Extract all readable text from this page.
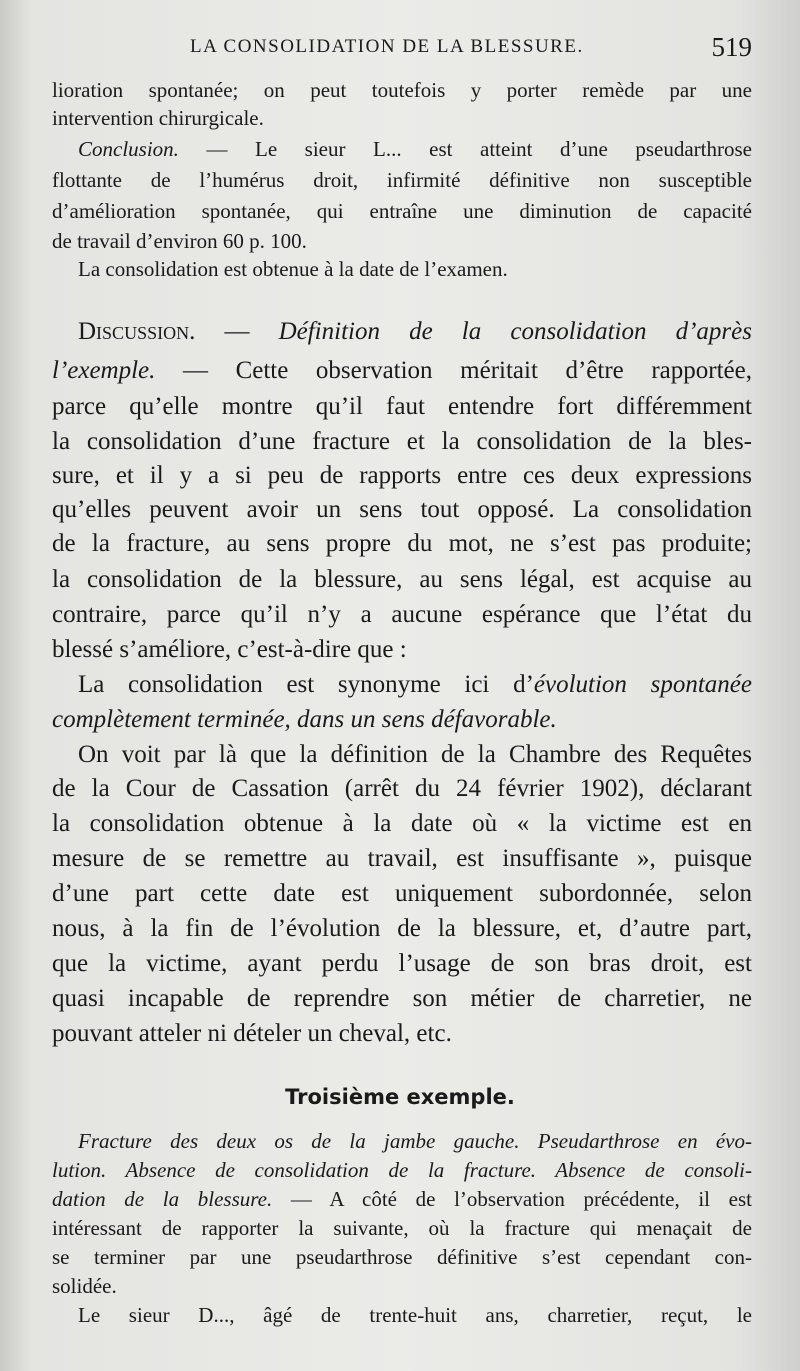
LA CONSOLIDATION DE LA BLESSURE.	519
lioration spontanée; on peut toutefois y porter remède par une
intervention chirurgicale.
Conclusion. — Le sieur L... est atteint d’une pseudarthrose
flottante de l’humérus droit, infirmité définitive non susceptible
d’amélioration spontanée, qui entraîne une diminution de capacité
de travail d’environ 60 p. 100.
La consolidation est obtenue à la date de l’examen.
Discussion. — Définition de la consolidation d’après
l’exemple. — Cette observation méritait d’être rapportée,
parce qu’elle montre qu’il faut entendre fort différemment
la consolidation d’une fracture et la consolidation de la bles-
sure, et il y a si peu de rapports entre ces deux expressions
qu’elles peuvent avoir un sens tout opposé. La consolidation
de la fracture, au sens propre du mot, ne s’est pas produite;
la consolidation de la blessure, au sens légal, est acquise au
contraire, parce qu’il n’y a aucune espérance que l’état du
blessé s’améliore, c’est-à-dire que :
La consolidation est synonyme ici d’évolution spontanée
complètement terminée, dans un sens défavorable.
On voit par là que la définition de la Chambre des Requêtes
de la Cour de Cassation (arrêt du 24 février 1902), déclarant
la consolidation obtenue à la date où « la victime est en
mesure de se remettre au travail, est insuffisante », puisque
d’une part cette date est uniquement subordonnée, selon
nous, à la fin de l’évolution de la blessure, et, d’autre part,
que la victime, ayant perdu l’usage de son bras droit, est
quasi incapable de reprendre son métier de charretier, ne
pouvant atteler ni dételer un cheval, etc.
Troisième exemple.
Fracture des deux os de la jambe gauche. Pseudarthrose en évo-
lution. Absence de consolidation de la fracture. Absence de consoli-
dation de la blessure. — A côté de l’observation précédente, il est
intéressant de rapporter la suivante, où la fracture qui menaçait de
se terminer par une pseudarthrose définitive s’est cependant con-
solidée.
Le sieur D..., âgé de trente-huit ans, charretier, reçut, le
